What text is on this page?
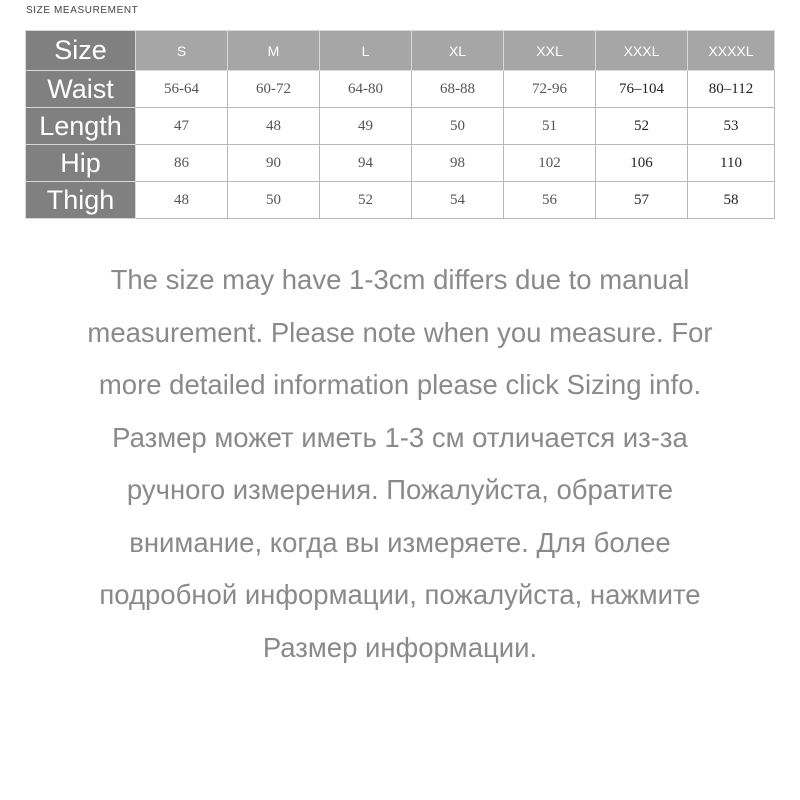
SIZE MEASUREMENT
Size	S	M	L	XL	XXL	XXXL	XXXXL
Waist	56-64	60-72	64-80	68-88	72-96	76–104	80–112
Length	47	48	49	50	51	52	53
Hip	86	90	94	98	102	106	110
Thigh	48	50	52	54	56	57	58
The size may have 1-3cm differs due to manual
measurement. Please note when you measure. For
more detailed information please click Sizing info.
Размер может иметь 1-3 см отличается из-за
ручного измерения. Пожалуйста, обратите
внимание, когда вы измеряете. Для более
подробной информации, пожалуйста, нажмите
Размер информации.
